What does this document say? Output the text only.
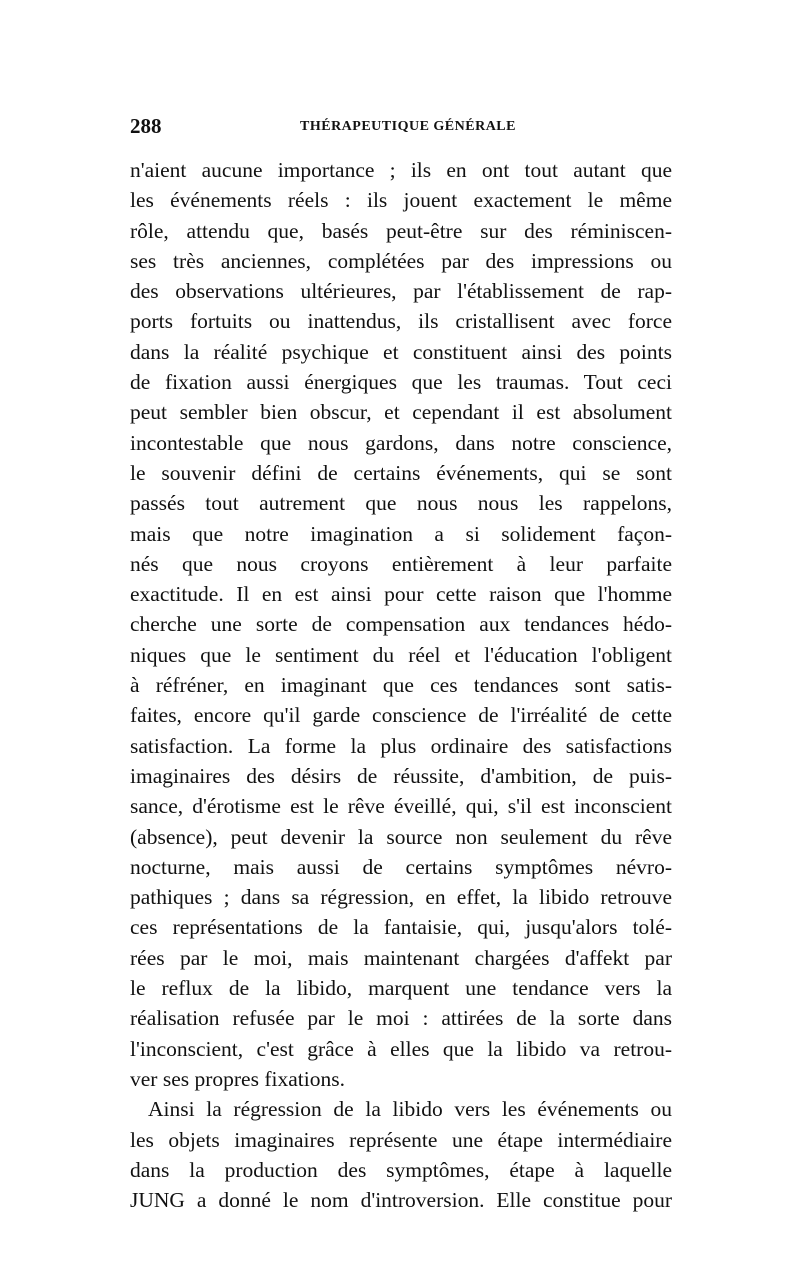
288	THÉRAPEUTIQUE GÉNÉRALE
n'aient aucune importance ; ils en ont tout autant que
les événements réels : ils jouent exactement le même
rôle, attendu que, basés peut-être sur des réminiscen-
ses très anciennes, complétées par des impressions ou
des observations ultérieures, par l'établissement de rap-
ports fortuits ou inattendus, ils cristallisent avec force
dans la réalité psychique et constituent ainsi des points
de fixation aussi énergiques que les traumas. Tout ceci
peut sembler bien obscur, et cependant il est absolument
incontestable que nous gardons, dans notre conscience,
le souvenir défini de certains événements, qui se sont
passés tout autrement que nous nous les rappelons,
mais que notre imagination a si solidement façon-
nés que nous croyons entièrement à leur parfaite
exactitude. Il en est ainsi pour cette raison que l'homme
cherche une sorte de compensation aux tendances hédo-
niques que le sentiment du réel et l'éducation l'obligent
à réfréner, en imaginant que ces tendances sont satis-
faites, encore qu'il garde conscience de l'irréalité de cette
satisfaction. La forme la plus ordinaire des satisfactions
imaginaires des désirs de réussite, d'ambition, de puis-
sance, d'érotisme est le rêve éveillé, qui, s'il est inconscient
(absence), peut devenir la source non seulement du rêve
nocturne, mais aussi de certains symptômes névro-
pathiques ; dans sa régression, en effet, la libido retrouve
ces représentations de la fantaisie, qui, jusqu'alors tolé-
rées par le moi, mais maintenant chargées d'affekt par
le reflux de la libido, marquent une tendance vers la
réalisation refusée par le moi : attirées de la sorte dans
l'inconscient, c'est grâce à elles que la libido va retrou-
ver ses propres fixations.
Ainsi la régression de la libido vers les événements ou
les objets imaginaires représente une étape intermédiaire
dans la production des symptômes, étape à laquelle
JUNG a donné le nom d'introversion. Elle constitue pour
